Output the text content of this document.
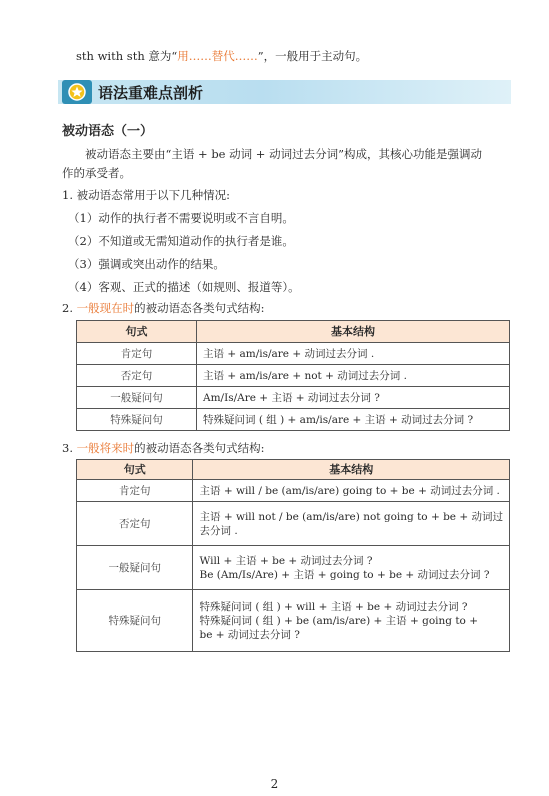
sth with sth 意为“用……替代……”，一般用于主动句。
语法重难点剖析
被动语态（一）
被动语态主要由“主语 + be 动词 + 动词过去分词”构成，其核心功能是强调动
作的承受者。
1. 被动语态常用于以下几种情况:
（1）动作的执行者不需要说明或不言自明。
（2）不知道或无需知道动作的执行者是谁。
（3）强调或突出动作的结果。
（4）客观、正式的描述（如规则、报道等）。
2. 一般现在时的被动语态各类句式结构:
句式	基本结构
肯定句	主语 + am/is/are + 动词过去分词 .
否定句	主语 + am/is/are + not + 动词过去分词 .
一般疑问句	Am/Is/Are + 主语 + 动词过去分词 ?
特殊疑问句	特殊疑问词 ( 组 ) + am/is/are + 主语 + 动词过去分词 ?
3. 一般将来时的被动语态各类句式结构:
句式	基本结构
肯定句	主语 + will / be (am/is/are) going to + be + 动词过去分词 .

否定句	主语 + will not / be (am/is/are) not going to + be + 动词过
去分词 .

一般疑问句	Will + 主语 + be + 动词过去分词 ?
Be (Am/Is/Are) + 主语 + going to + be + 动词过去分词 ?

特殊疑问句	特殊疑问词 ( 组 ) + will + 主语 + be + 动词过去分词 ?
特殊疑问词 ( 组 ) + be (am/is/are) + 主语 + going to +
be + 动词过去分词 ?
2
